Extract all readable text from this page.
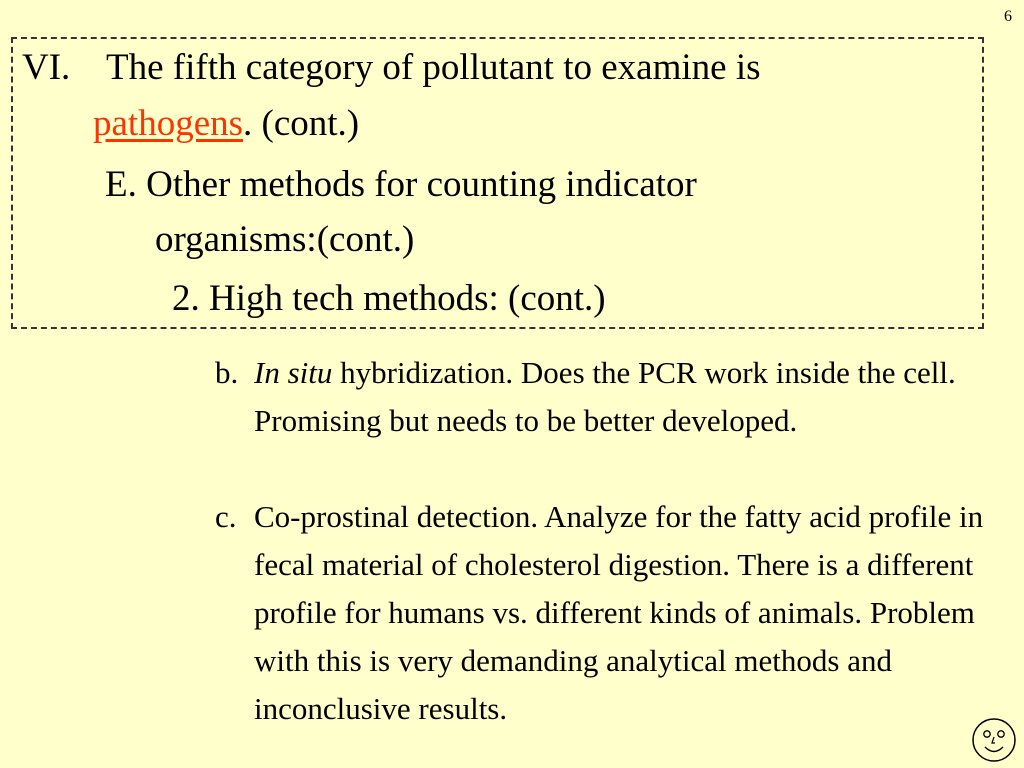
6
VI. The fifth category of pollutant to examine is
pathogens. (cont.)
E. Other methods for counting indicator
organisms:(cont.)
2. High tech methods: (cont.)
b. In situ hybridization. Does the PCR work inside the cell. Promising but needs to be better developed.
c. Co-prostinal detection. Analyze for the fatty acid profile in fecal material of cholesterol digestion. There is a different profile for humans vs. different kinds of animals. Problem with this is very demanding analytical methods and inconclusive results.
